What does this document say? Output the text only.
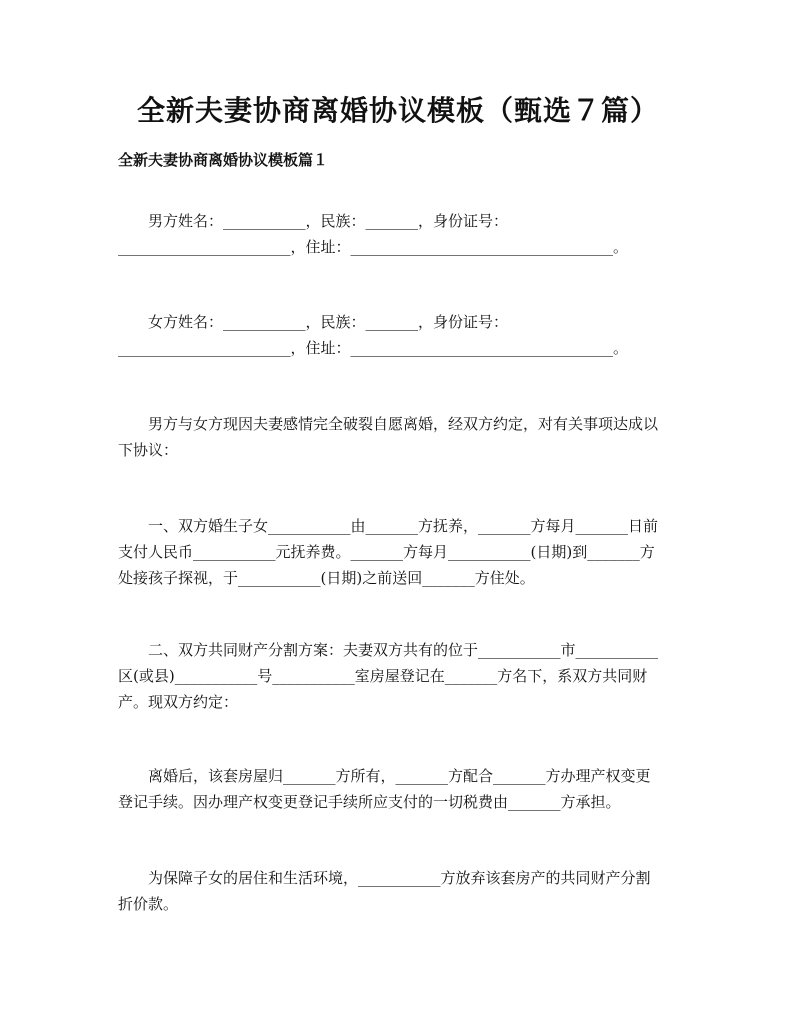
全新夫妻协商离婚协议模板（甄选７篇）
全新夫妻协商离婚协议模板篇１
男方姓名：___________，民族：_______，身份证号：
_______________________，住址：___________________________________。
女方姓名：___________，民族：_______，身份证号：
_______________________，住址：___________________________________。
男方与女方现因夫妻感情完全破裂自愿离婚，经双方约定，对有关事项达成以
下协议：
一、双方婚生子女___________由_______方抚养，_______方每月_______日前
支付人民币___________元抚养费。_______方每月___________(日期)到_______方
处接孩子探视，于___________(日期)之前送回_______方住处。
二、双方共同财产分割方案：夫妻双方共有的位于___________市___________
区(或县)___________号___________室房屋登记在_______方名下，系双方共同财
产。现双方约定：
离婚后，该套房屋归_______方所有，_______方配合_______方办理产权变更
登记手续。因办理产权变更登记手续所应支付的一切税费由_______方承担。
为保障子女的居住和生活环境，___________方放弃该套房产的共同财产分割
折价款。
